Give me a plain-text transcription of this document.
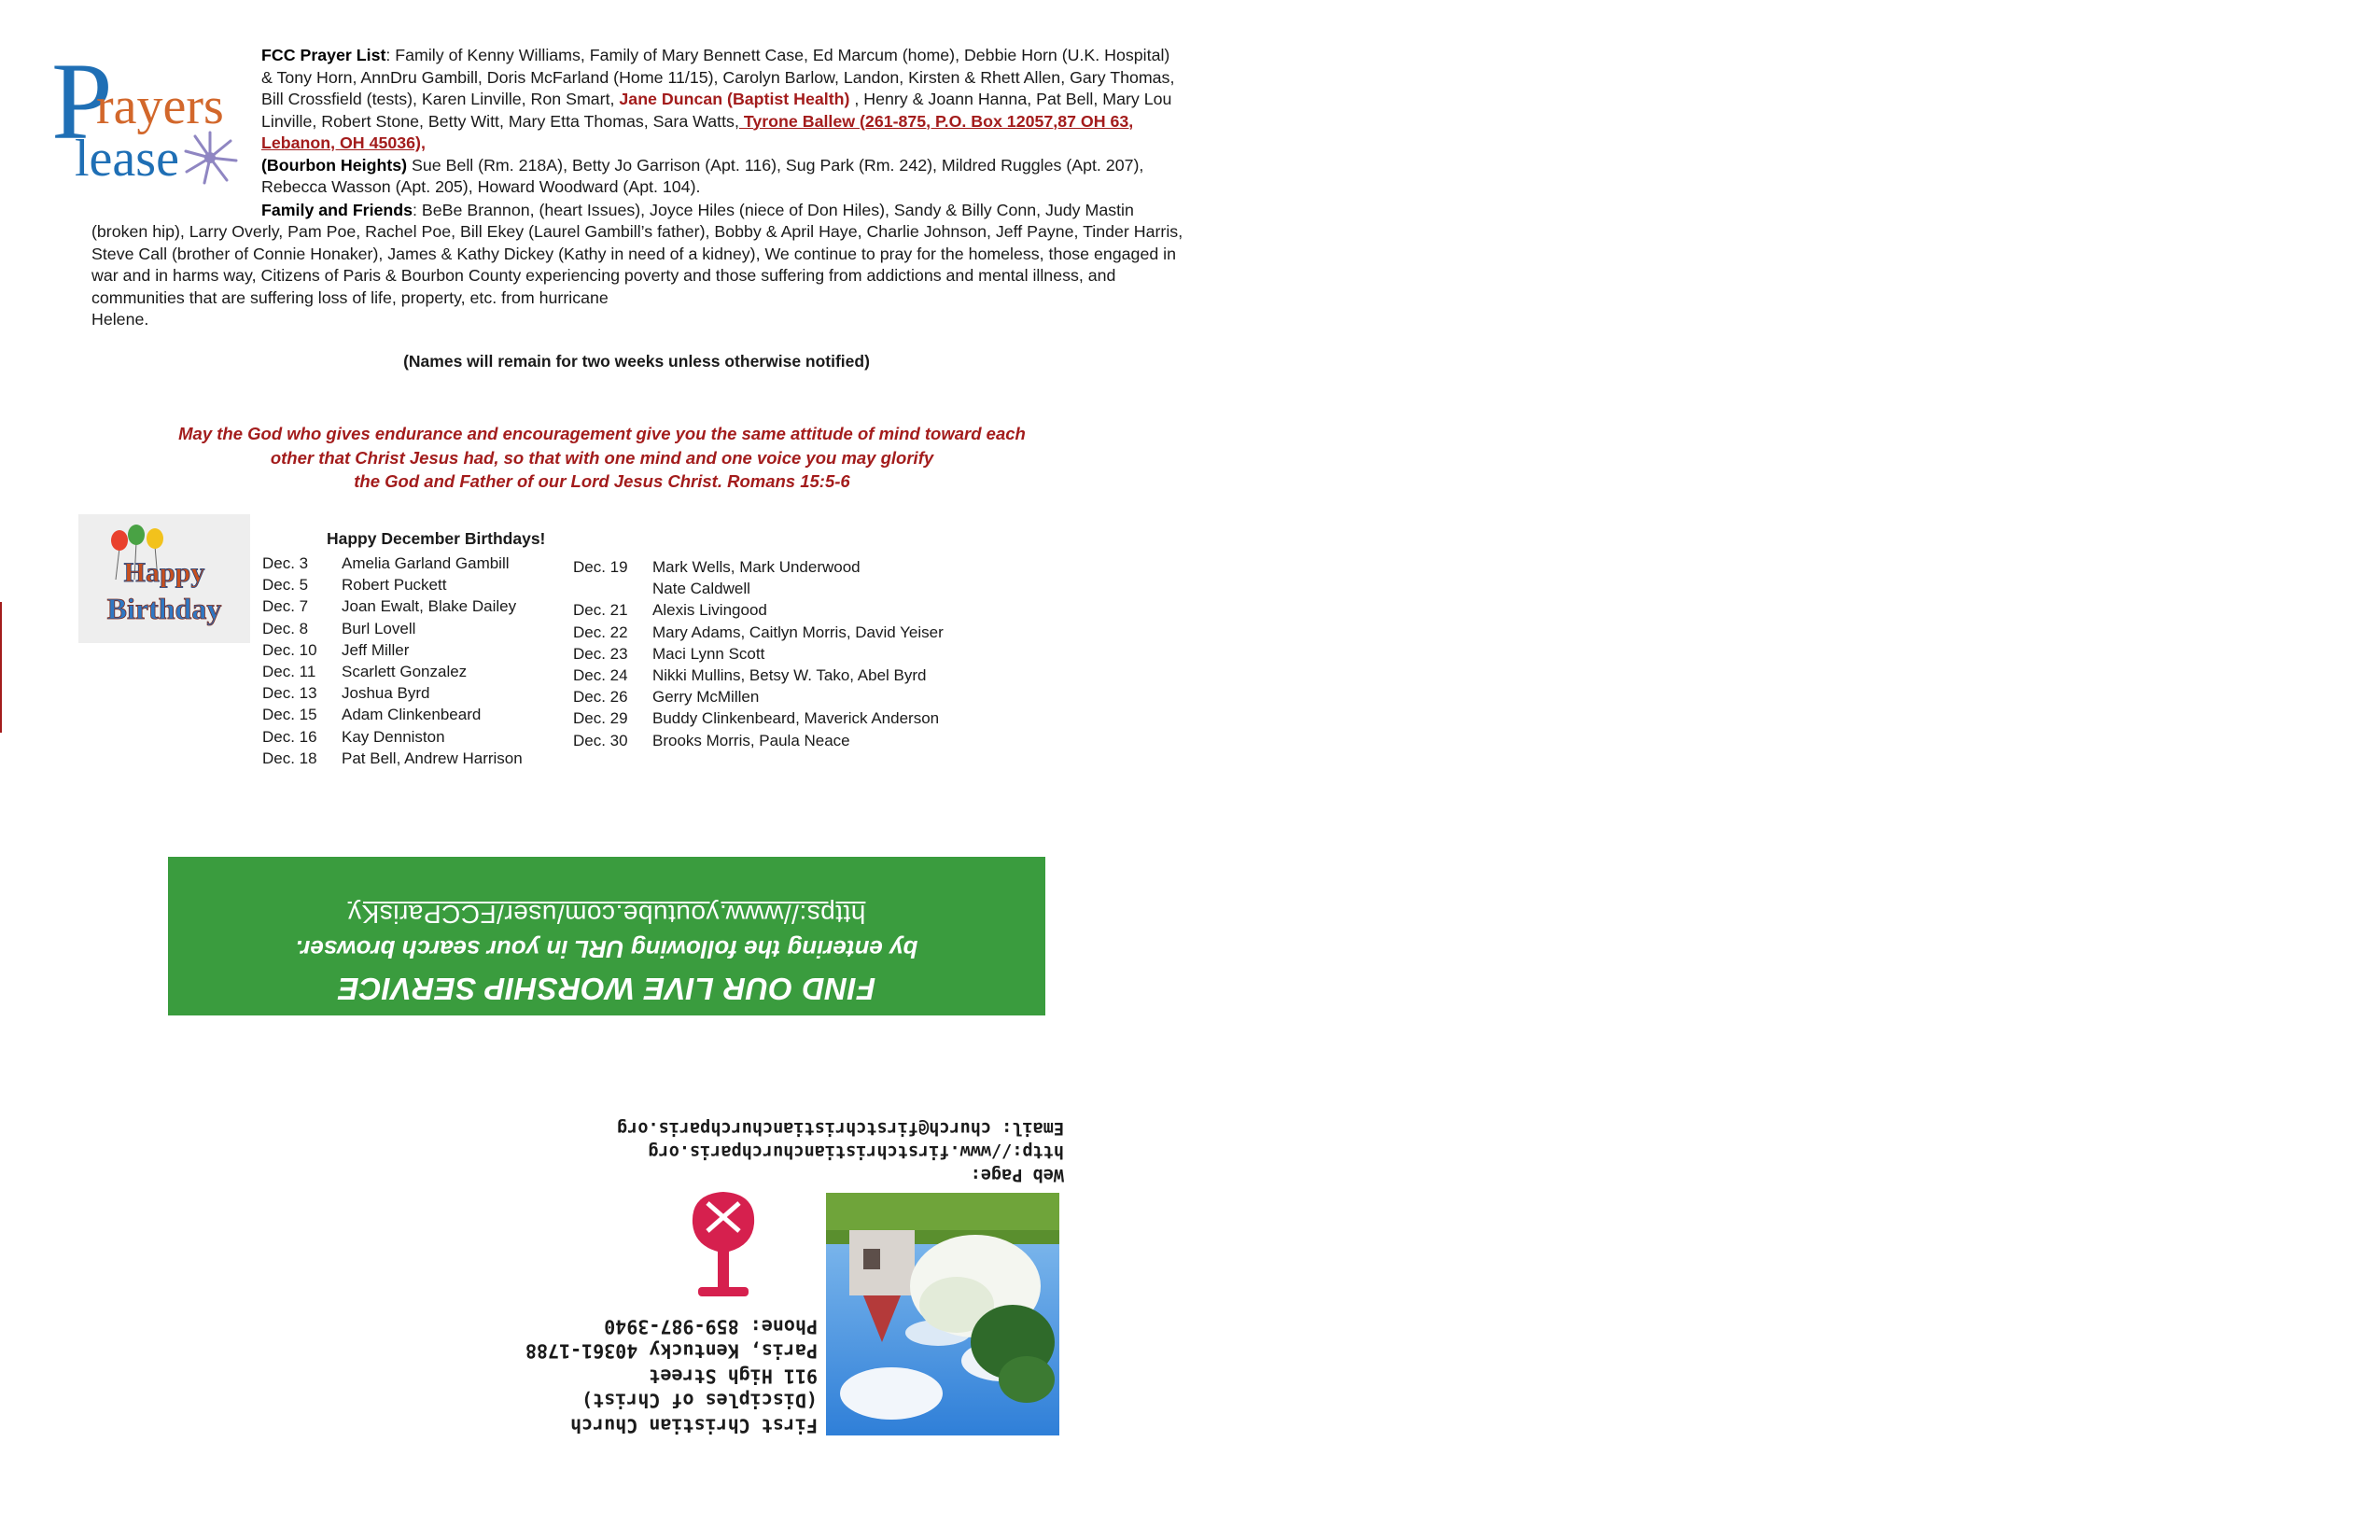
P
rayers
lease

FCC Prayer List: Family of Kenny Williams, Family of Mary Bennett Case, Ed Marcum (home), Debbie Horn (U.K. Hospital) & Tony Horn, AnnDru Gambill, Doris McFarland (Home 11/15), Carolyn Barlow, Landon, Kirsten & Rhett Allen, Gary Thomas, Bill Crossfield (tests), Karen Linville, Ron Smart, Jane Duncan (Baptist Health) , Henry & Joann Hanna, Pat Bell, Mary Lou Linville, Robert Stone, Betty Witt, Mary Etta Thomas, Sara Watts, Tyrone Ballew (261-875, P.O. Box 12057,87 OH 63, Lebanon, OH 45036),

(Bourbon Heights) Sue Bell (Rm. 218A), Betty Jo Garrison (Apt. 116), Sug Park (Rm. 242), Mildred Ruggles (Apt. 207), Rebecca Wasson (Apt. 205), Howard Woodward (Apt. 104).

Family and Friends: BeBe Brannon, (heart Issues), Joyce Hiles (niece of Don Hiles), Sandy & Billy Conn, Judy Mastin (broken hip), Larry Overly, Pam Poe, Rachel Poe, Bill Ekey (Laurel Gambill’s father), Bobby & April Haye, Charlie Johnson, Jeff Payne, Tinder Harris, Steve Call (brother of Connie Honaker), James & Kathy Dickey (Kathy in need of a kidney), We continue to pray for the homeless, those engaged in war and in harms way, Citizens of Paris & Bourbon County experiencing poverty and those suffering from addictions and mental illness, and communities that are suffering loss of life, property, etc. from hurricane

Helene.

(Names will remain for two weeks unless otherwise notified)
May the God who gives endurance and encouragement give you the same attitude of mind toward each
other that Christ Jesus had, so that with one mind and one voice you may glorify
the God and Father of our Lord Jesus Christ. Romans 15:5-6
Happy
Birthday
Happy December Birthdays!
Dec. 3	Amelia Garland Gambill
Dec. 5	Robert Puckett
Dec. 7	Joan Ewalt, Blake Dailey
Dec. 8	Burl Lovell
Dec. 10	Jeff Miller
Dec. 11	Scarlett Gonzalez
Dec. 13	Joshua Byrd
Dec. 15	Adam Clinkenbeard
Dec. 16	Kay Denniston
Dec. 18	Pat Bell, Andrew Harrison
Dec. 19	Mark Wells, Mark Underwood
Nate Caldwell
Dec. 21	Alexis Livingood
Dec. 22	Mary Adams, Caitlyn Morris, David Yeiser
Dec. 23	Maci Lynn Scott
Dec. 24	Nikki Mullins, Betsy W. Tako, Abel Byrd
Dec. 26	Gerry McMillen
Dec. 29	Buddy Clinkenbeard, Maverick Anderson
Dec. 30	Brooks Morris, Paula Neace
FIND OUR LIVE WORSHIP SERVICE
by entering the following URL in your search browser.
https://www.youtube.com/user/FCCParisKy
Web Page: http://www.firstchristianchurchparis.org
Email: church@firstchristianchurchparis.org
First Christian Church
(Disciples of Christ)
911 High Street
Paris, Kentucky 40361-1788
Phone: 859-987-3940
